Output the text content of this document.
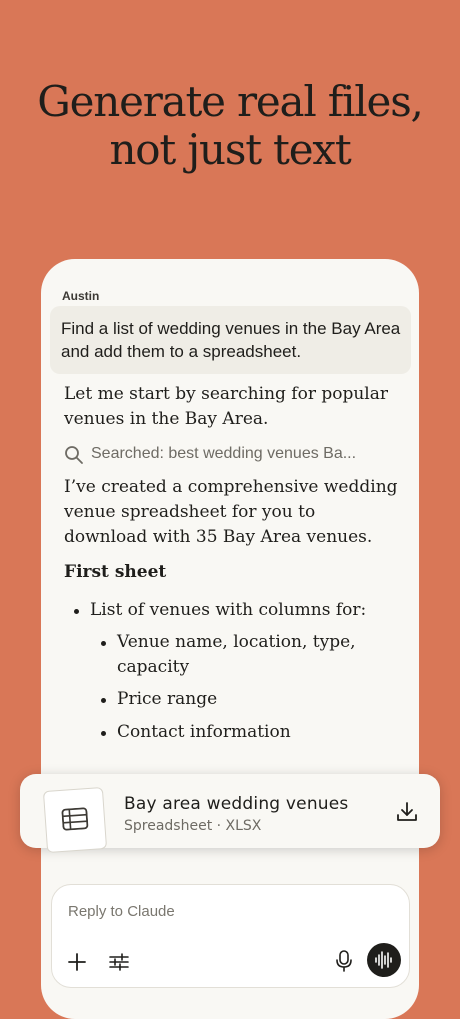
Generate real files,
not just text
Austin
Find a list of wedding venues in the Bay Area and add them to a spreadsheet.
Let me start by searching for popular venues in the Bay Area.
Searched: best wedding venues Ba...
I’ve created a comprehensive wedding venue spreadsheet for you to download with 35 Bay Area venues.
First sheet
List of venues with columns for:
Venue name, location, type, capacity
Price range
Contact information
Bay area wedding venues
Spreadsheet · XLSX
Reply to Claude
